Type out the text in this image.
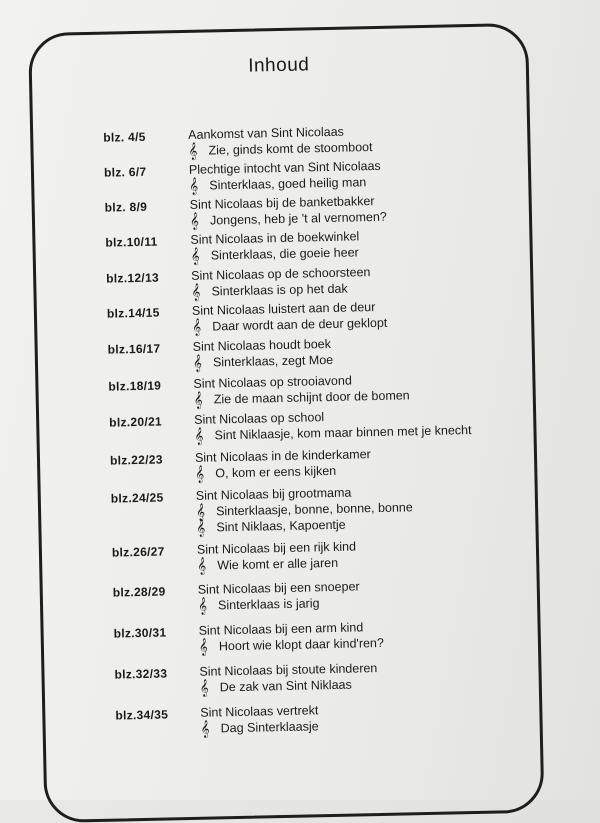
Inhoud
blz. 4/5	Aankomst van Sint Nicolaas
𝄞 Zie, ginds komt de stoomboot
blz. 6/7	Plechtige intocht van Sint Nicolaas
𝄞 Sinterklaas, goed heilig man
blz. 8/9	Sint Nicolaas bij de banketbakker
𝄞 Jongens, heb je 't al vernomen?
blz.10/11	Sint Nicolaas in de boekwinkel
𝄞 Sinterklaas, die goeie heer
blz.12/13	Sint Nicolaas op de schoorsteen
𝄞 Sinterklaas is op het dak
blz.14/15	Sint Nicolaas luistert aan de deur
𝄞 Daar wordt aan de deur geklopt
blz.16/17	Sint Nicolaas houdt boek
𝄞 Sinterklaas, zegt Moe
blz.18/19	Sint Nicolaas op strooiavond
𝄞 Zie de maan schijnt door de bomen
blz.20/21	Sint Nicolaas op school
𝄞 Sint Niklaasje, kom maar binnen met je knecht
blz.22/23	Sint Nicolaas in de kinderkamer
𝄞 O, kom er eens kijken
blz.24/25	Sint Nicolaas bij grootmama
𝄞 Sinterklaasje, bonne, bonne, bonne
𝄞 Sint Niklaas, Kapoentje
blz.26/27	Sint Nicolaas bij een rijk kind
𝄞 Wie komt er alle jaren
blz.28/29	Sint Nicolaas bij een snoeper
𝄞 Sinterklaas is jarig
blz.30/31	Sint Nicolaas bij een arm kind
𝄞 Hoort wie klopt daar kind'ren?
blz.32/33	Sint Nicolaas bij stoute kinderen
𝄞 De zak van Sint Niklaas
blz.34/35	Sint Nicolaas vertrekt
𝄞 Dag Sinterklaasje
